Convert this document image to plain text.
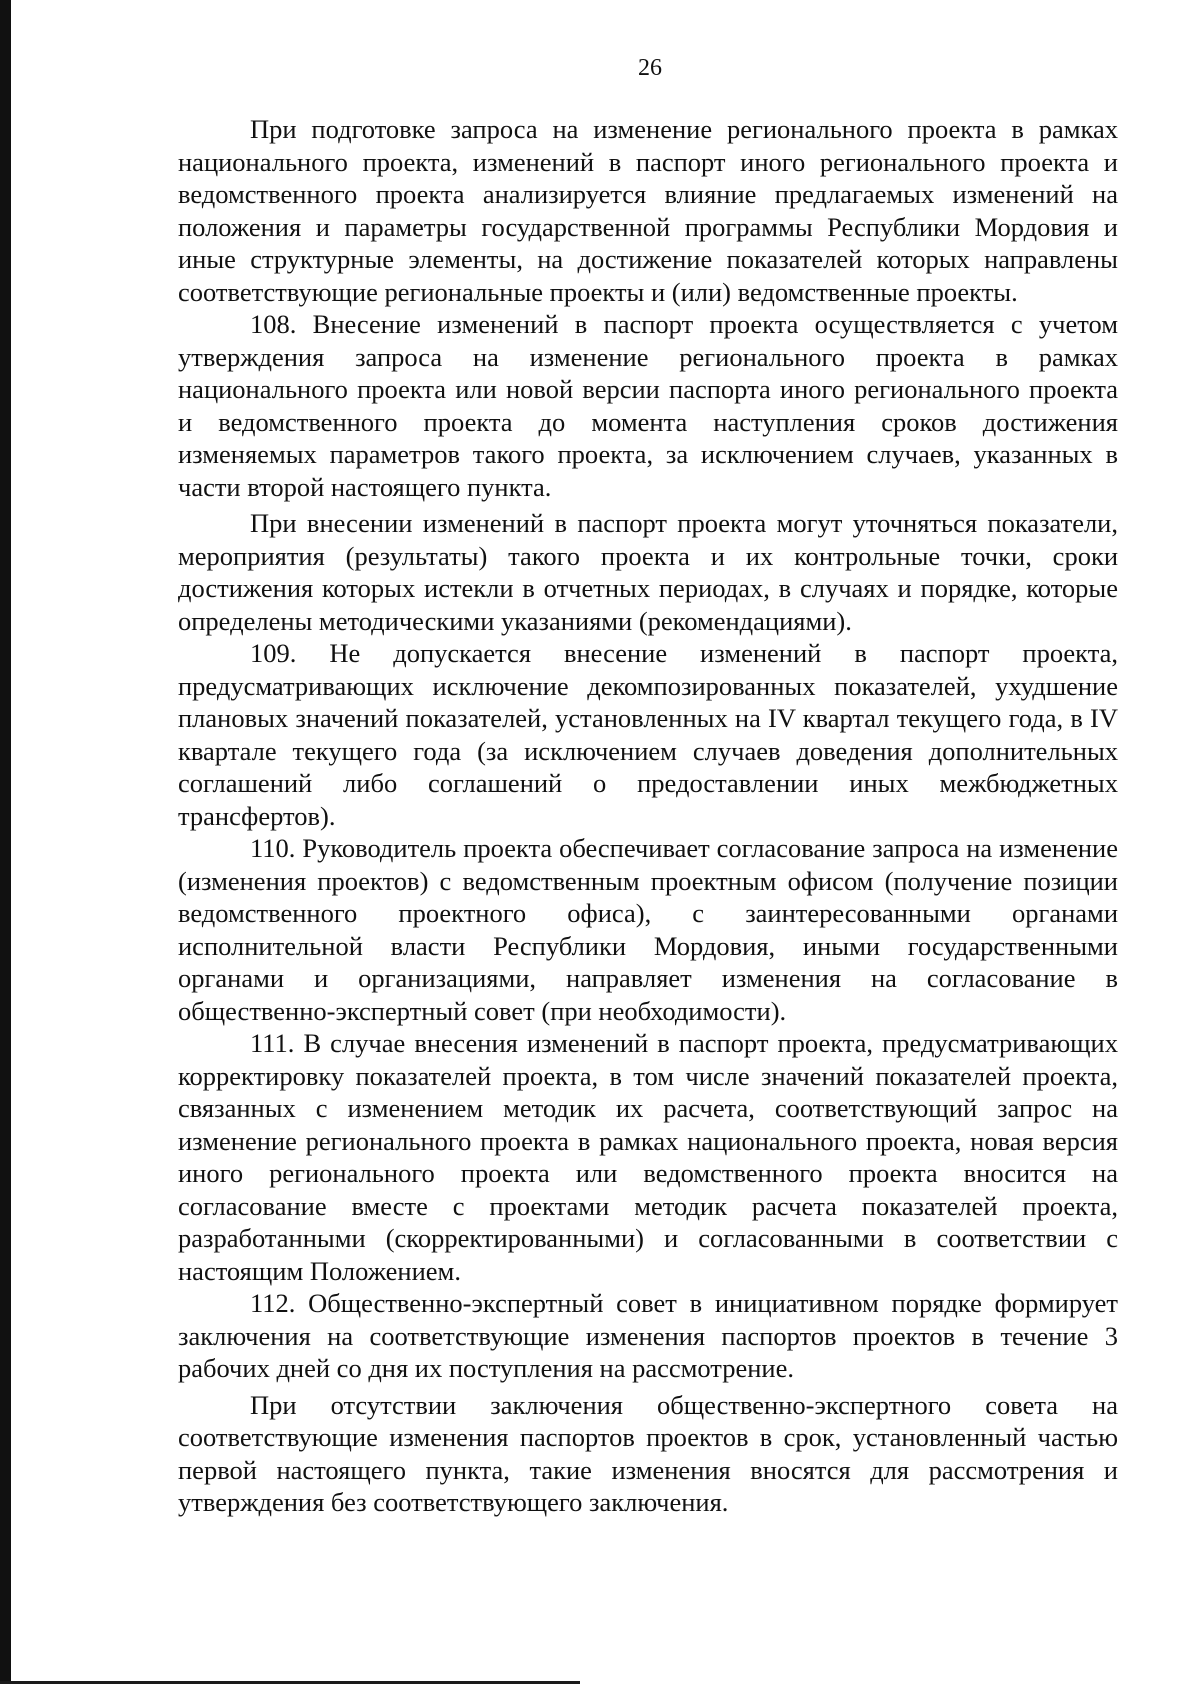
26

При подготовке запроса на изменение регионального проекта в рамках национального проекта, изменений в паспорт иного регионального проекта и ведомственного проекта анализируется влияние предлагаемых изменений на положения и параметры государственной программы Республики Мордовия и иные структурные элементы, на достижение показателей которых направлены соответствующие региональные проекты и (или) ведомственные проекты.

108. Внесение изменений в паспорт проекта осуществляется с учетом утверждения запроса на изменение регионального проекта в рамках национального проекта или новой версии паспорта иного регионального проекта и ведомственного проекта до момента наступления сроков достижения изменяемых параметров такого проекта, за исключением случаев, указанных в части второй настоящего пункта.

При внесении изменений в паспорт проекта могут уточняться показатели, мероприятия (результаты) такого проекта и их контрольные точки, сроки достижения которых истекли в отчетных периодах, в случаях и порядке, которые определены методическими указаниями (рекомендациями).

109. Не допускается внесение изменений в паспорт проекта, предусматривающих исключение декомпозированных показателей, ухудшение плановых значений показателей, установленных на IV квартал текущего года, в IV квартале текущего года (за исключением случаев доведения дополнительных соглашений либо соглашений о предоставлении иных межбюджетных трансфертов).

110. Руководитель проекта обеспечивает согласование запроса на изменение (изменения проектов) с ведомственным проектным офисом (получение позиции ведомственного проектного офиса), с заинтересованными органами исполнительной власти Республики Мордовия, иными государственными органами и организациями, направляет изменения на согласование в общественно-экспертный совет (при необходимости).

111. В случае внесения изменений в паспорт проекта, предусматривающих корректировку показателей проекта, в том числе значений показателей проекта, связанных с изменением методик их расчета, соответствующий запрос на изменение регионального проекта в рамках национального проекта, новая версия иного регионального проекта или ведомственного проекта вносится на согласование вместе с проектами методик расчета показателей проекта, разработанными (скорректированными) и согласованными в соответствии с настоящим Положением.

112. Общественно-экспертный совет в инициативном порядке формирует заключения на соответствующие изменения паспортов проектов в течение 3 рабочих дней со дня их поступления на рассмотрение.

При отсутствии заключения общественно-экспертного совета на соответствующие изменения паспортов проектов в срок, установленный частью первой настоящего пункта, такие изменения вносятся для рассмотрения и утверждения без соответствующего заключения.
